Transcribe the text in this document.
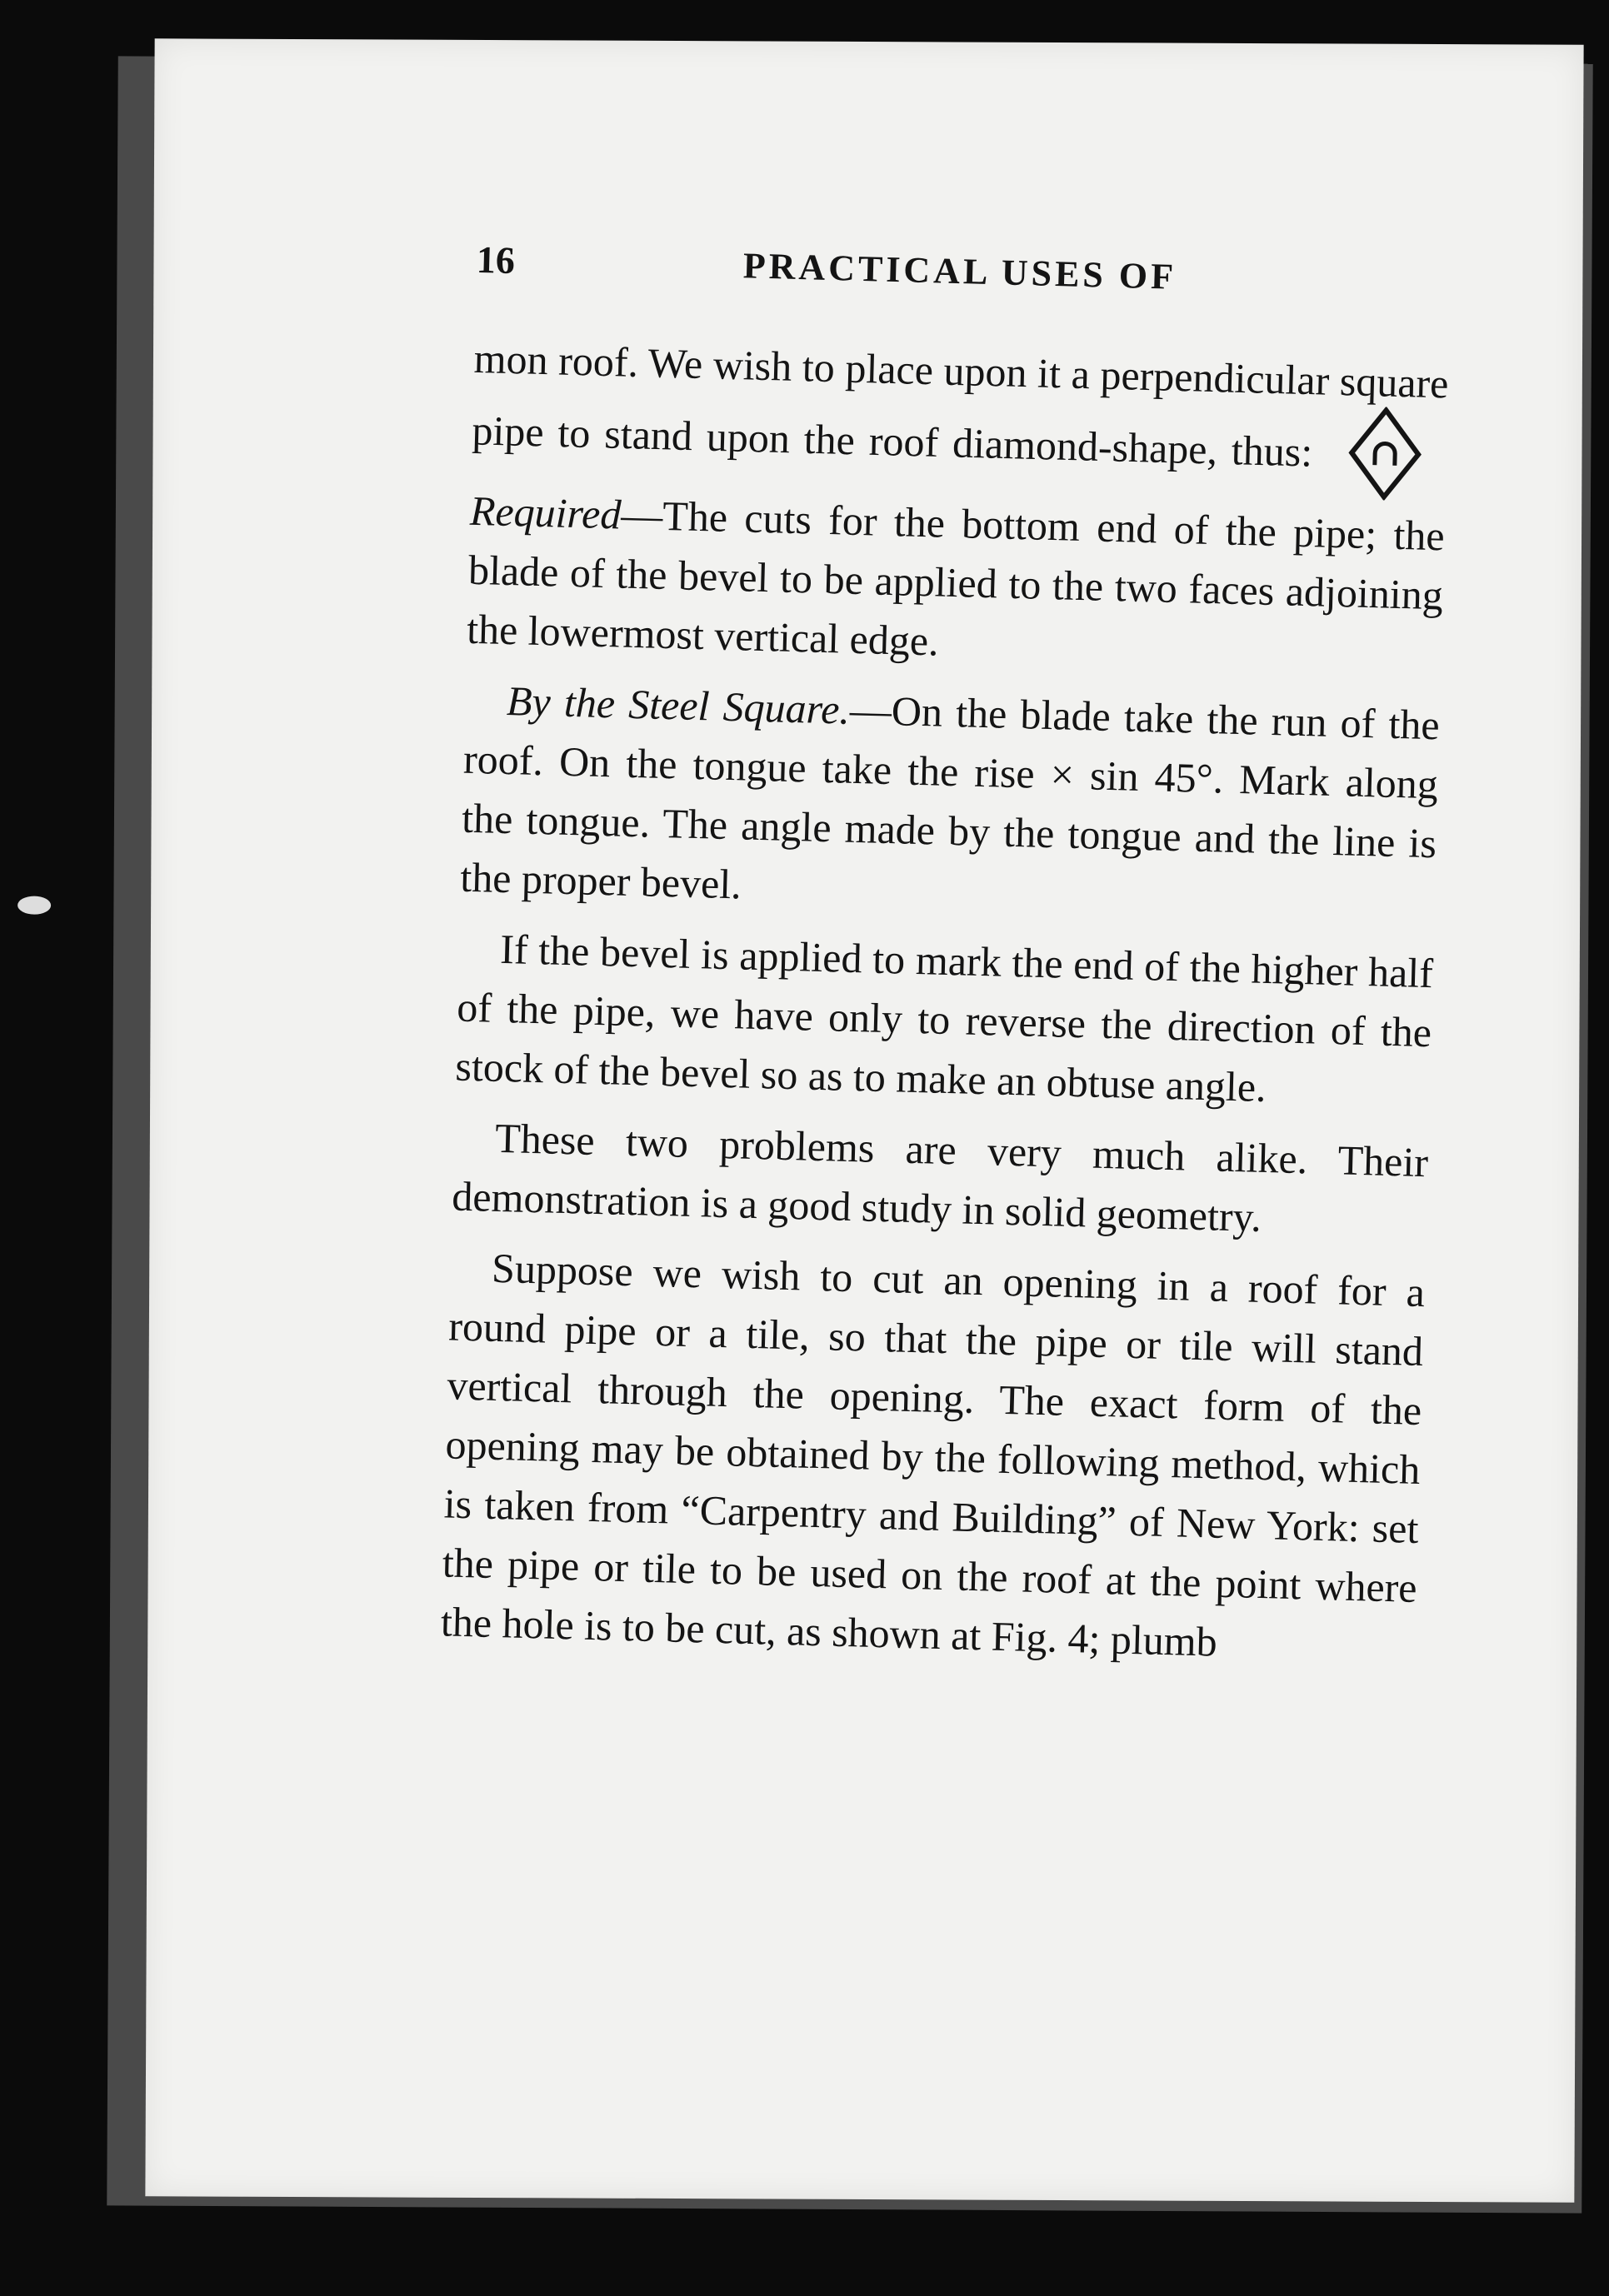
16	PRACTICAL USES OF

mon roof. We wish to place upon it a perpendicular square pipe to stand upon the roof diamond-shape, thus:  Required—The cuts for the bottom end of the pipe; the blade of the bevel to be applied to the two faces adjoining the lowermost vertical edge.

By the Steel Square.—On the blade take the run of the roof. On the tongue take the rise × sin 45°. Mark along the tongue. The angle made by the tongue and the line is the proper bevel.

If the bevel is applied to mark the end of the higher half of the pipe, we have only to reverse the direction of the stock of the bevel so as to make an obtuse angle.

These two problems are very much alike. Their demonstration is a good study in solid geometry.

Suppose we wish to cut an opening in a roof for a round pipe or a tile, so that the pipe or tile will stand vertical through the opening. The exact form of the opening may be obtained by the following method, which is taken from “Carpentry and Building” of New York: set the pipe or tile to be used on the roof at the point where the hole is to be cut, as shown at Fig. 4; plumb
